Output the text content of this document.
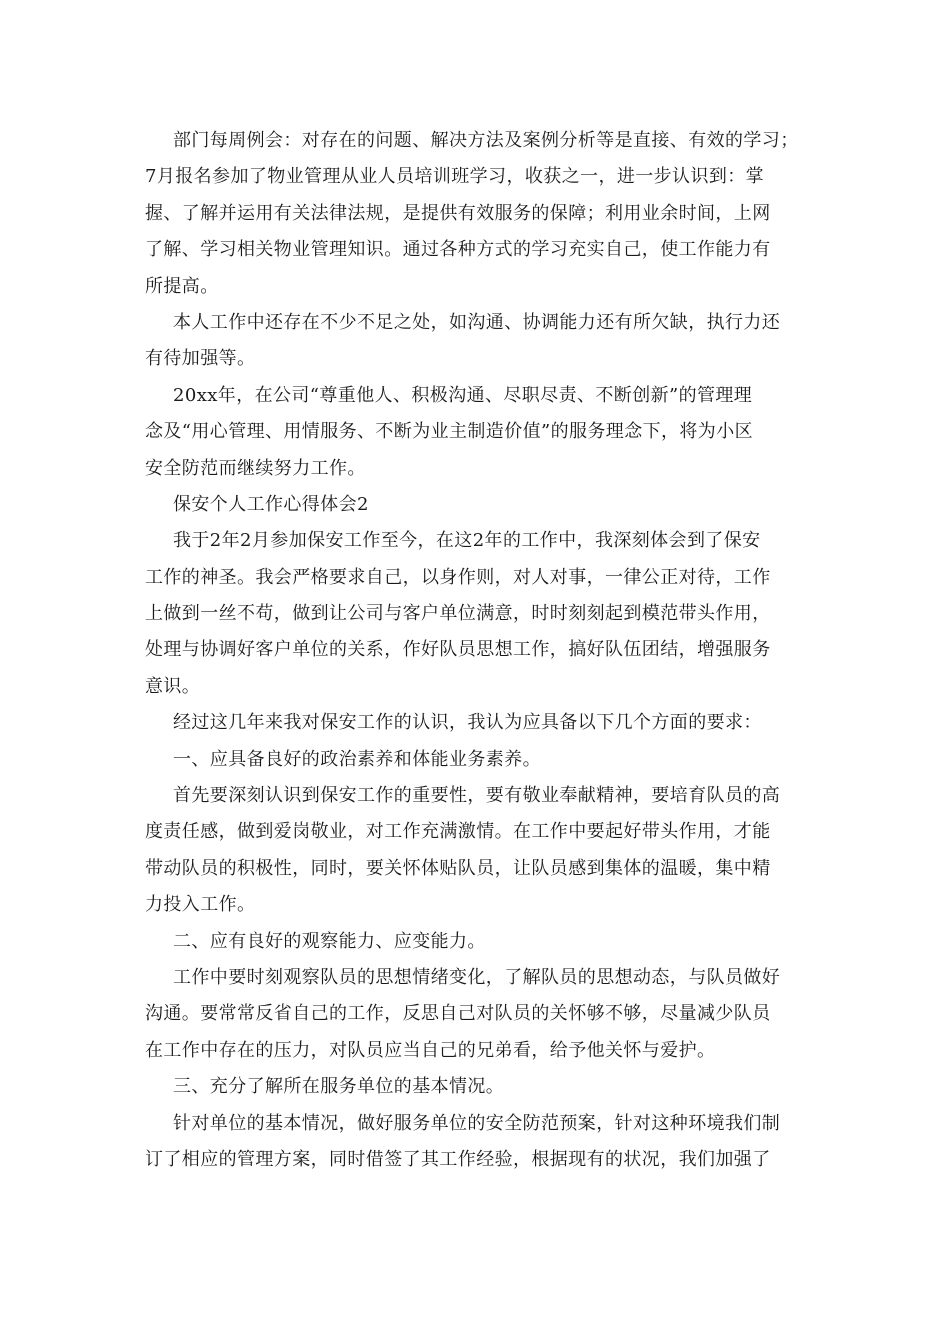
部门每周例会：对存在的问题、解决方法及案例分析等是直接、有效的学习；
7月报名参加了物业管理从业人员培训班学习，收获之一，进一步认识到：掌
握、了解并运用有关法律法规，是提供有效服务的保障；利用业余时间，上网
了解、学习相关物业管理知识。通过各种方式的学习充实自己，使工作能力有
所提高。
本人工作中还存在不少不足之处，如沟通、协调能力还有所欠缺，执行力还
有待加强等。
20xx年，在公司“尊重他人、积极沟通、尽职尽责、不断创新”的管理理
念及“用心管理、用情服务、不断为业主制造价值”的服务理念下，将为小区
安全防范而继续努力工作。
保安个人工作心得体会2
我于2年2月参加保安工作至今，在这2年的工作中，我深刻体会到了保安
工作的神圣。我会严格要求自己，以身作则，对人对事，一律公正对待，工作
上做到一丝不苟，做到让公司与客户单位满意，时时刻刻起到模范带头作用，
处理与协调好客户单位的关系，作好队员思想工作，搞好队伍团结，增强服务
意识。
经过这几年来我对保安工作的认识，我认为应具备以下几个方面的要求：
一、应具备良好的政治素养和体能业务素养。
首先要深刻认识到保安工作的重要性，要有敬业奉献精神，要培育队员的高
度责任感，做到爱岗敬业，对工作充满激情。在工作中要起好带头作用，才能
带动队员的积极性，同时，要关怀体贴队员，让队员感到集体的温暖，集中精
力投入工作。
二、应有良好的观察能力、应变能力。
工作中要时刻观察队员的思想情绪变化，了解队员的思想动态，与队员做好
沟通。要常常反省自己的工作，反思自己对队员的关怀够不够，尽量减少队员
在工作中存在的压力，对队员应当自己的兄弟看，给予他关怀与爱护。
三、充分了解所在服务单位的基本情况。
针对单位的基本情况，做好服务单位的安全防范预案，针对这种环境我们制
订了相应的管理方案，同时借签了其工作经验，根据现有的状况，我们加强了
